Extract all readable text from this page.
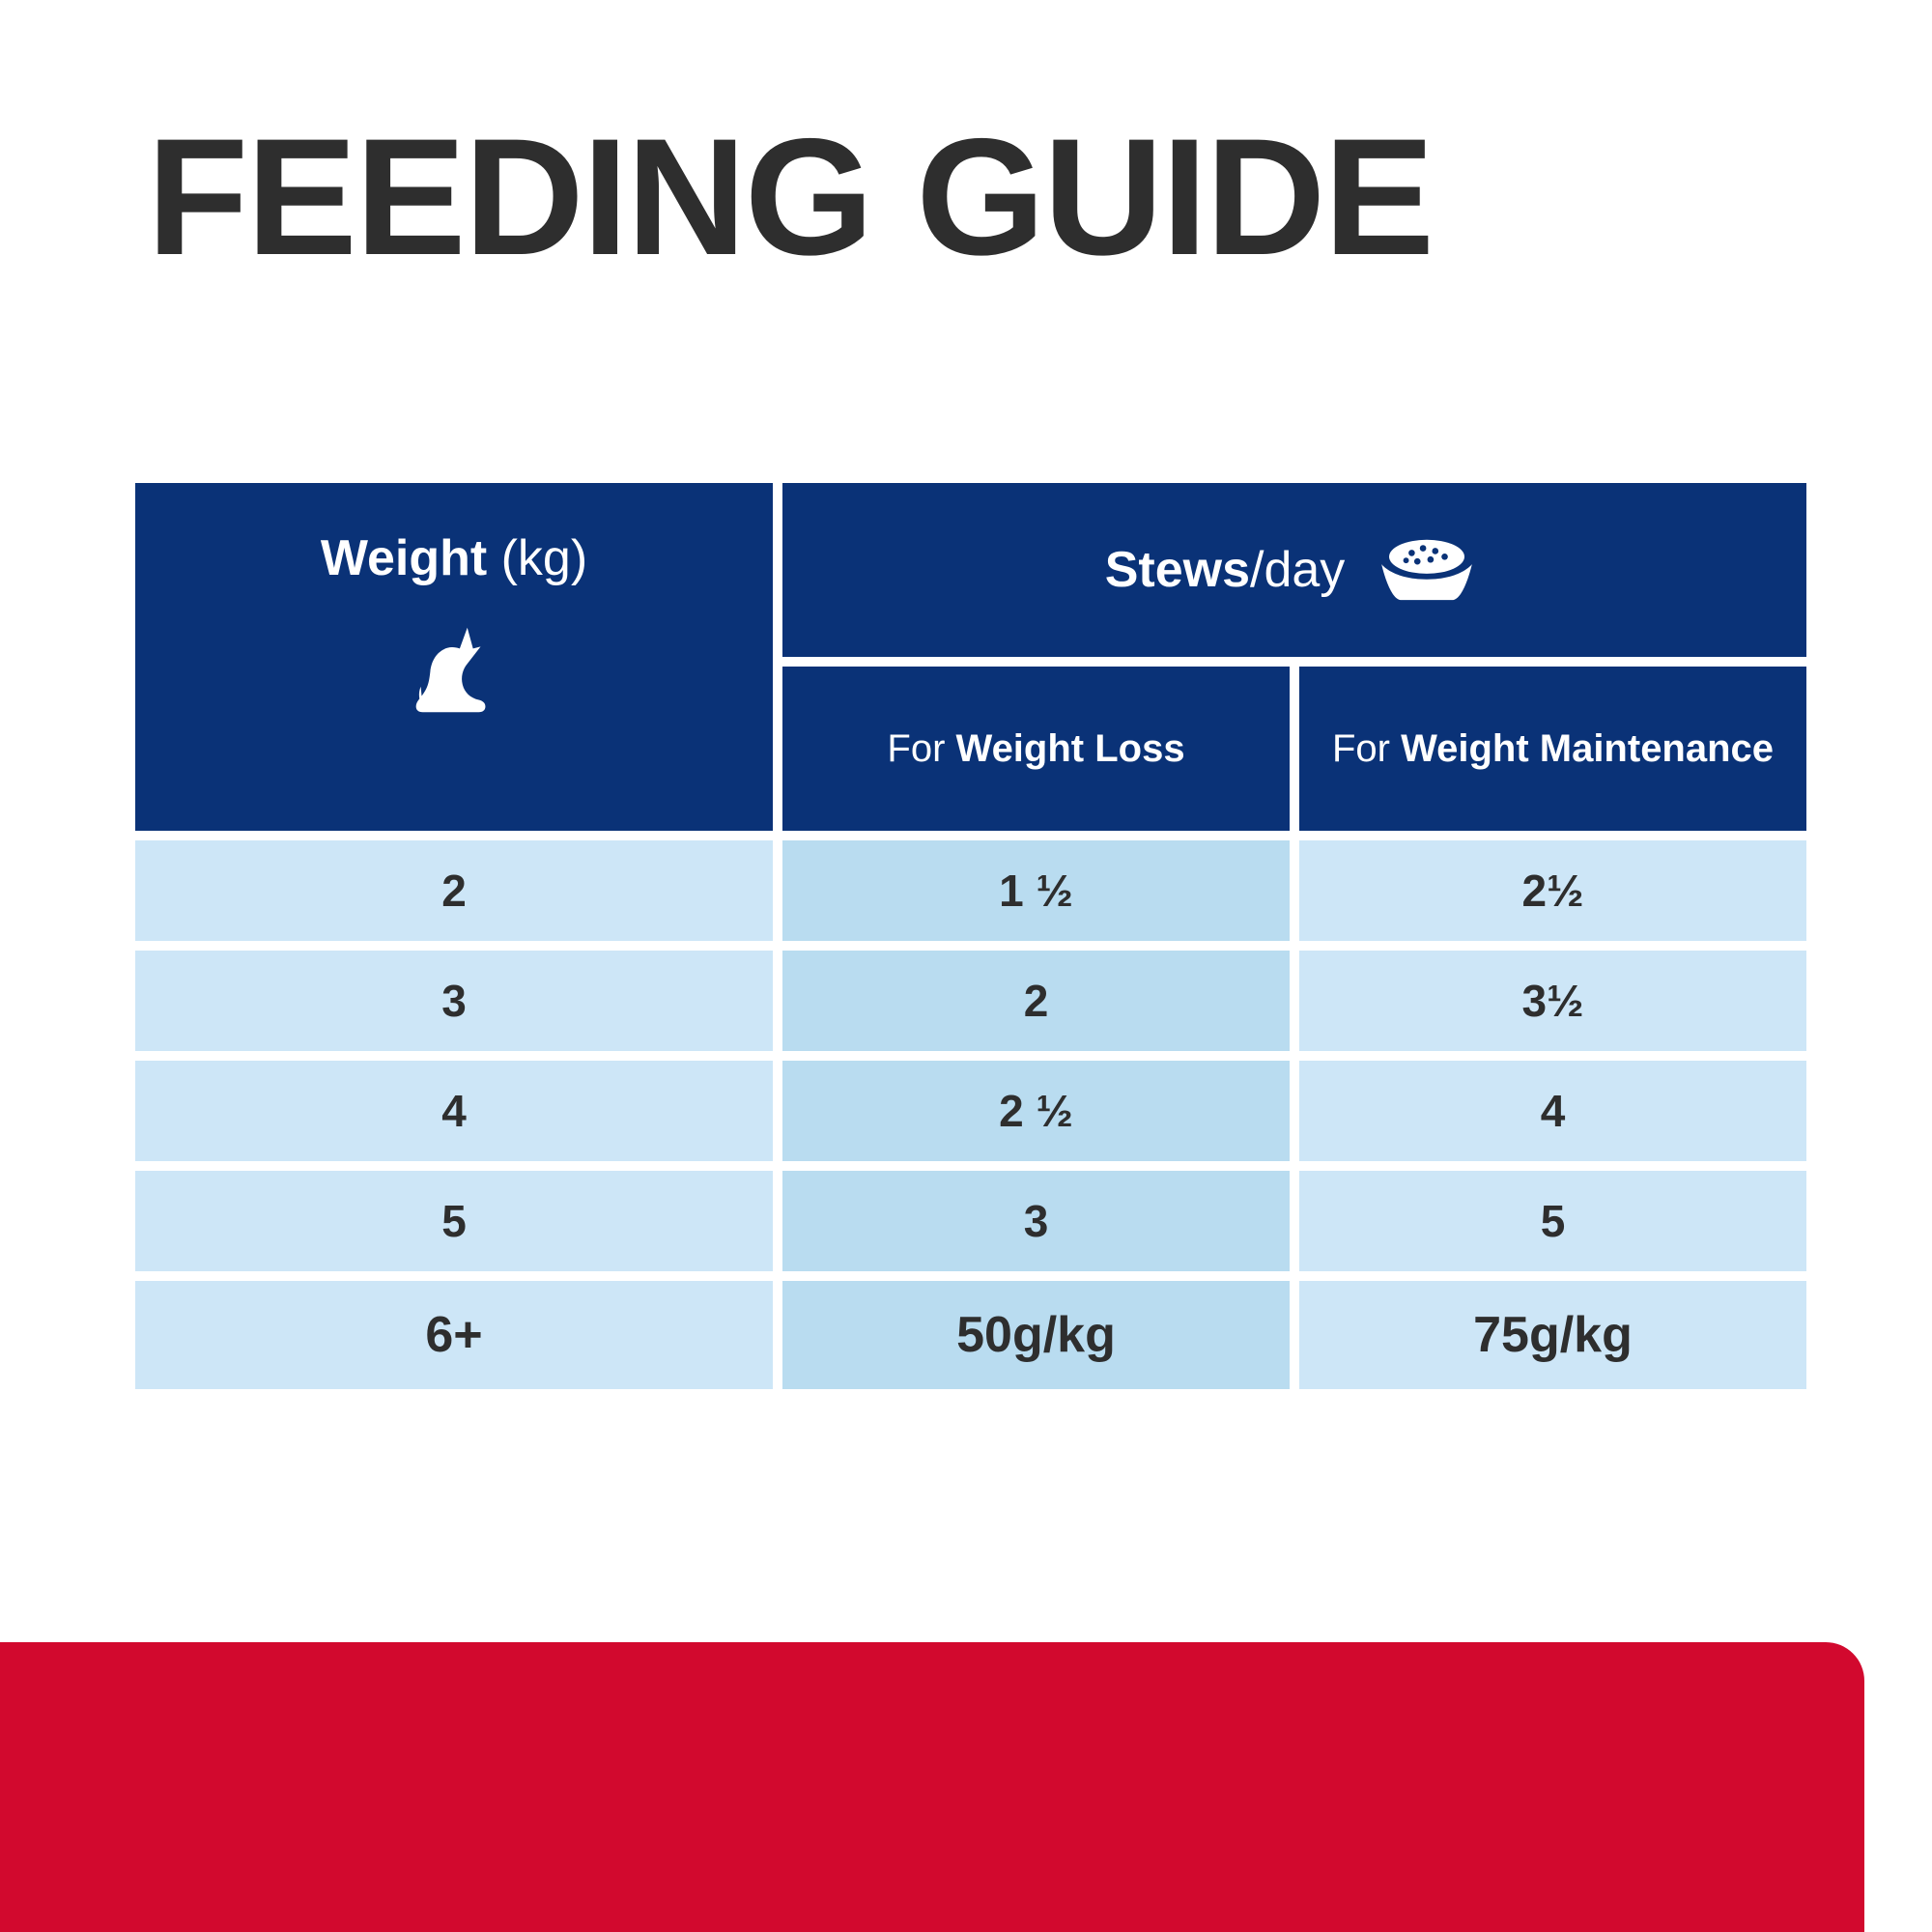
FEEDING GUIDE
Weight (kg)	Stews/day
For Weight Loss	For Weight Maintenance
2	1 ½	2½
3	2	3½
4	2 ½	4
5	3	5
6+	50g/kg	75g/kg
